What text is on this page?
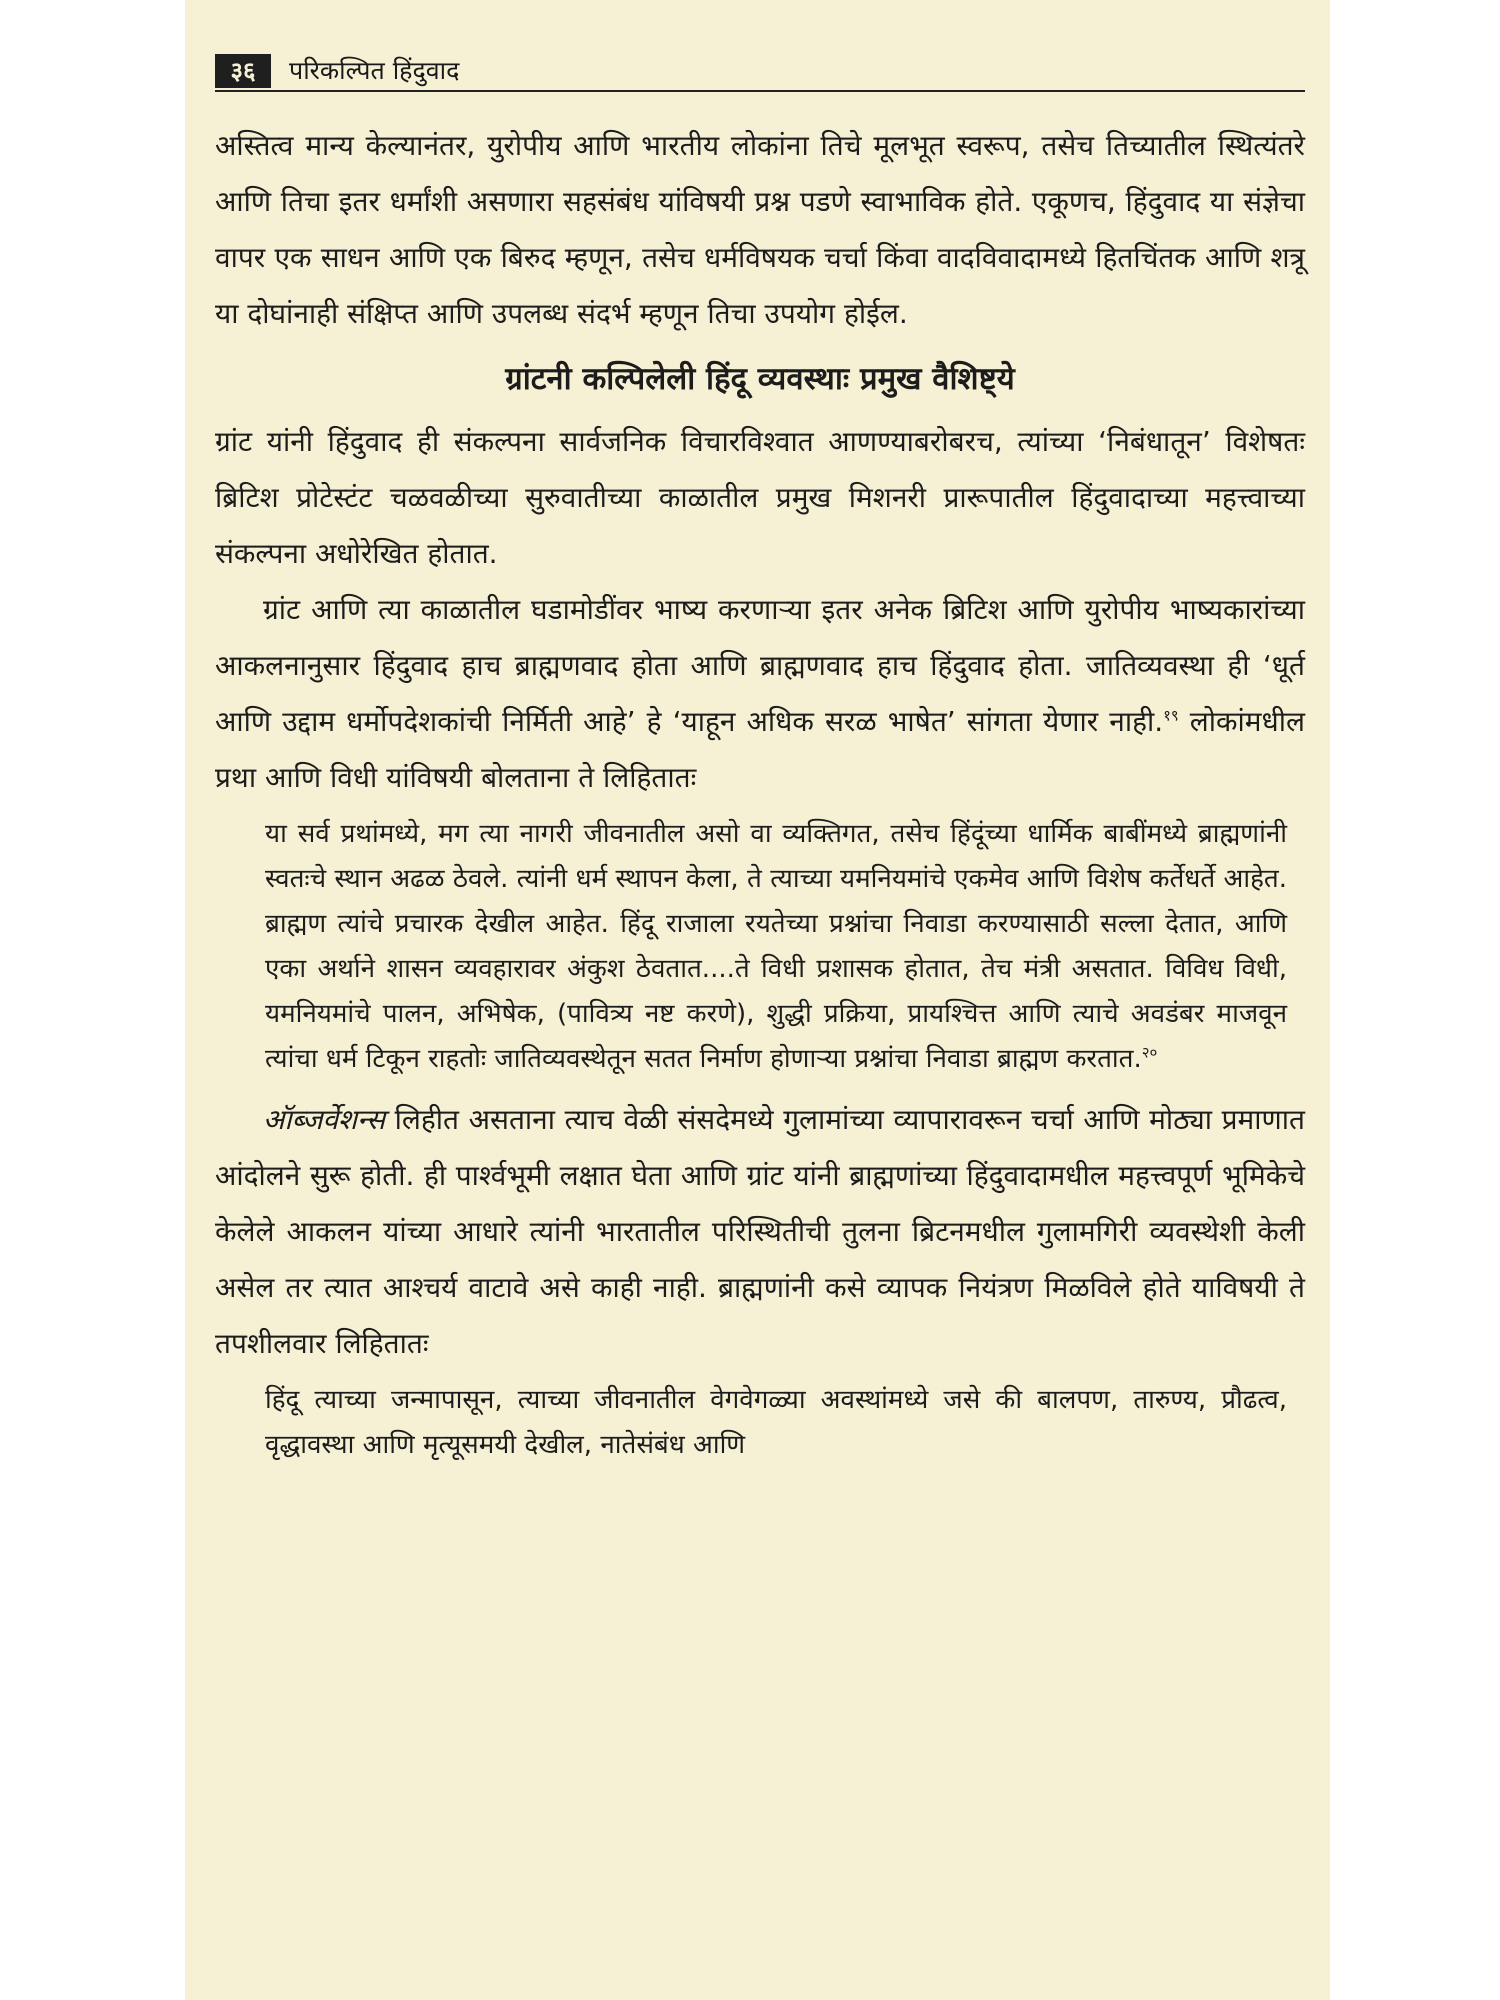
३६	परिकल्पित हिंदुवाद

अस्तित्व मान्य केल्यानंतर, युरोपीय आणि भारतीय लोकांना तिचे मूलभूत स्वरूप, तसेच तिच्यातील स्थित्यंतरे आणि तिचा इतर धर्मांशी असणारा सहसंबंध यांविषयी प्रश्न पडणे स्वाभाविक होते. एकूणच, हिंदुवाद या संज्ञेचा वापर एक साधन आणि एक बिरुद म्हणून, तसेच धर्मविषयक चर्चा किंवा वादविवादामध्ये हितचिंतक आणि शत्रू या दोघांनाही संक्षिप्त आणि उपलब्ध संदर्भ म्हणून तिचा उपयोग होईल.

ग्रांटनी कल्पिलेली हिंदू व्यवस्थाः प्रमुख वैशिष्ट्ये

ग्रांट यांनी हिंदुवाद ही संकल्पना सार्वजनिक विचारविश्वात आणण्याबरोबरच, त्यांच्या ‘निबंधातून’ विशेषतः ब्रिटिश प्रोटेस्टंट चळवळीच्या सुरुवातीच्या काळातील प्रमुख मिशनरी प्रारूपातील हिंदुवादाच्या महत्त्वाच्या संकल्पना अधोरेखित होतात.

ग्रांट आणि त्या काळातील घडामोडींवर भाष्य करणाऱ्या इतर अनेक ब्रिटिश आणि युरोपीय भाष्यकारांच्या आकलनानुसार हिंदुवाद हाच ब्राह्मणवाद होता आणि ब्राह्मणवाद हाच हिंदुवाद होता. जातिव्यवस्था ही ‘धूर्त आणि उद्दाम धर्मोपदेशकांची निर्मिती आहे’ हे ‘याहून अधिक सरळ भाषेत’ सांगता येणार नाही.$^{१९}$ लोकांमधील प्रथा आणि विधी यांविषयी बोलताना ते लिहितातः

या सर्व प्रथांमध्ये, मग त्या नागरी जीवनातील असो वा व्यक्तिगत, तसेच हिंदूंच्या धार्मिक बाबींमध्ये ब्राह्मणांनी स्वतःचे स्थान अढळ ठेवले. त्यांनी धर्म स्थापन केला, ते त्याच्या यमनियमांचे एकमेव आणि विशेष कर्तेधर्ते आहेत. ब्राह्मण त्यांचे प्रचारक देखील आहेत. हिंदू राजाला रयतेच्या प्रश्नांचा निवाडा करण्यासाठी सल्ला देतात, आणि एका अर्थाने शासन व्यवहारावर अंकुश ठेवतात....ते विधी प्रशासक होतात, तेच मंत्री असतात. विविध विधी, यमनियमांचे पालन, अभिषेक, (पावित्र्य नष्ट करणे), शुद्धी प्रक्रिया, प्रायश्चित्त आणि त्याचे अवडंबर माजवून त्यांचा धर्म टिकून राहतोः जातिव्यवस्थेतून सतत निर्माण होणाऱ्या प्रश्नांचा निवाडा ब्राह्मण करतात.$^{२०}$

ऑब्जर्वेशन्स लिहीत असताना त्याच वेळी संसदेमध्ये गुलामांच्या व्यापारावरून चर्चा आणि मोठ्या प्रमाणात आंदोलने सुरू होती. ही पार्श्वभूमी लक्षात घेता आणि ग्रांट यांनी ब्राह्मणांच्या हिंदुवादामधील महत्त्वपूर्ण भूमिकेचे केलेले आकलन यांच्या आधारे त्यांनी भारतातील परिस्थितीची तुलना ब्रिटनमधील गुलामगिरी व्यवस्थेशी केली असेल तर त्यात आश्चर्य वाटावे असे काही नाही. ब्राह्मणांनी कसे व्यापक नियंत्रण मिळविले होते याविषयी ते तपशीलवार लिहितातः

हिंदू त्याच्या जन्मापासून, त्याच्या जीवनातील वेगवेगळ्या अवस्थांमध्ये जसे की बालपण, तारुण्य, प्रौढत्व, वृद्धावस्था आणि मृत्यूसमयी देखील, नातेसंबंध आणि
